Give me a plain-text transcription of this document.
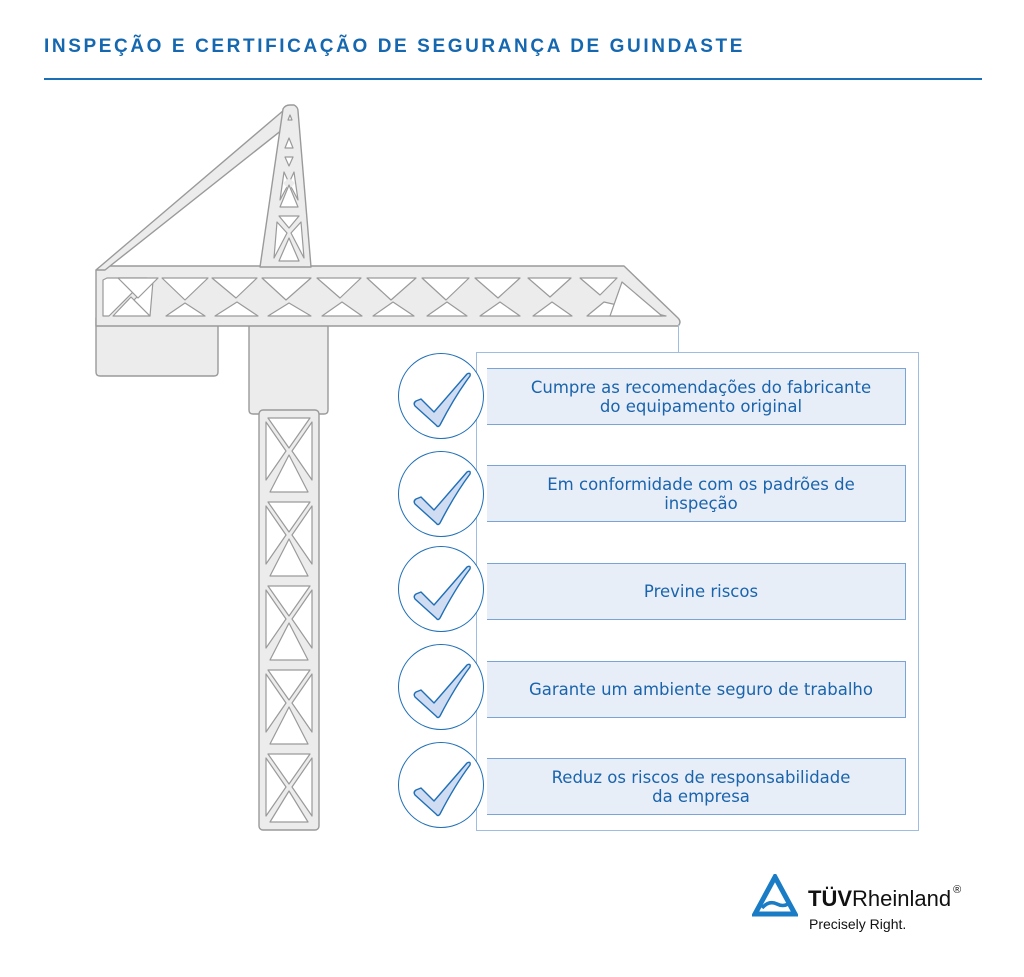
INSPEÇÃO E CERTIFICAÇÃO DE SEGURANÇA DE GUINDASTE
Cumpre as recomendações do fabricante
do equipamento original
Em conformidade com os padrões de
inspeção
Previne riscos
Garante um ambiente seguro de trabalho
Reduz os riscos de responsabilidade
da empresa
TÜVRheinland ®
Precisely Right.
